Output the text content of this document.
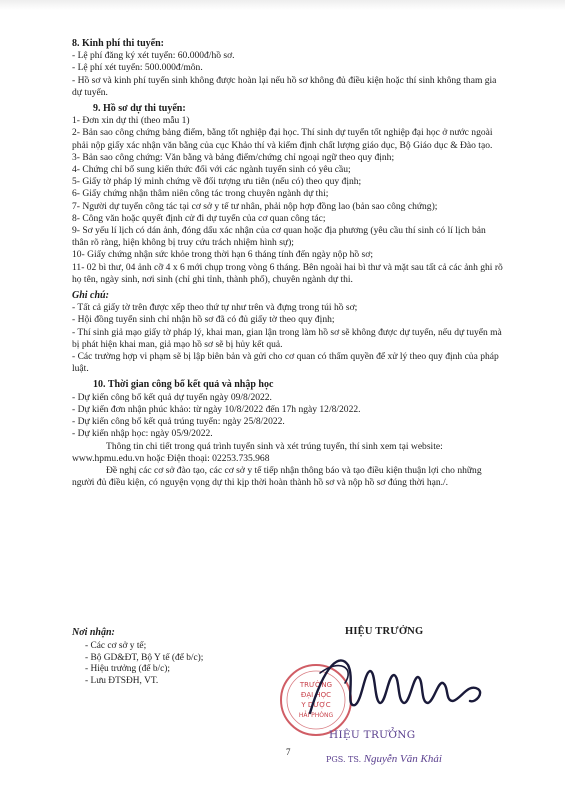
8. Kinh phí thi tuyển:

- Lệ phí đăng ký xét tuyển: 60.000đ/hồ sơ.

- Lệ phí xét tuyển: 500.000đ/môn.

- Hồ sơ và kinh phí tuyển sinh không được hoàn lại nếu hồ sơ không đủ điều kiện hoặc thí sinh không tham gia dự tuyển.

9. Hồ sơ dự thi tuyển:

1- Đơn xin dự thi (theo mẫu 1)

2- Bản sao công chứng bảng điểm, bằng tốt nghiệp đại học. Thí sinh dự tuyển tốt nghiệp đại học ở nước ngoài phải nộp giấy xác nhận văn bằng của cục Khảo thí và kiểm định chất lượng giáo dục, Bộ Giáo dục & Đào tạo.

3- Bản sao công chứng: Văn bằng và bảng điểm/chứng chỉ ngoại ngữ theo quy định;

4- Chứng chỉ bổ sung kiến thức đối với các ngành tuyển sinh có yêu cầu;

5- Giấy tờ pháp lý minh chứng về đối tượng ưu tiên (nếu có) theo quy định;

6- Giấy chứng nhận thâm niên công tác trong chuyên ngành dự thi;

7- Người dự tuyển công tác tại cơ sở y tế tư nhân, phải nộp hợp đồng lao (bản sao công chứng);

8- Công văn hoặc quyết định cử đi dự tuyển của cơ quan công tác;

9- Sơ yếu lí lịch có dán ảnh, đóng dấu xác nhận của cơ quan hoặc địa phương (yêu cầu thí sinh có lí lịch bản thân rõ ràng, hiện không bị truy cứu trách nhiệm hình sự);

10- Giấy chứng nhận sức khỏe trong thời hạn 6 tháng tính đến ngày nộp hồ sơ;

11- 02 bì thư, 04 ảnh cỡ 4 x 6 mới chụp trong vòng 6 tháng. Bên ngoài hai bì thư và mặt sau tất cả các ảnh ghi rõ họ tên, ngày sinh, nơi sinh (chỉ ghi tỉnh, thành phố), chuyên ngành dự thi.

Ghi chú:

- Tất cả giấy tờ trên được xếp theo thứ tự như trên và đựng trong túi hồ sơ;

- Hội đồng tuyển sinh chỉ nhận hồ sơ đã có đủ giấy tờ theo quy định;

- Thí sinh giả mạo giấy tờ pháp lý, khai man, gian lận trong làm hồ sơ sẽ không được dự tuyển, nếu dự tuyển mà bị phát hiện khai man, giả mạo hồ sơ sẽ bị hủy kết quả.

- Các trường hợp vi phạm sẽ bị lập biên bản và gửi cho cơ quan có thẩm quyền để xử lý theo quy định của pháp luật.

10. Thời gian công bố kết quả và nhập học

- Dự kiến công bố kết quả dự tuyển ngày 09/8/2022.

- Dự kiến đơn nhận phúc khảo: từ ngày 10/8/2022 đến 17h ngày 12/8/2022.

- Dự kiến công bố kết quả trúng tuyển: ngày 25/8/2022.

- Dự kiến nhập học: ngày 05/9/2022.

Thông tin chi tiết trong quá trình tuyển sinh và xét trúng tuyển, thí sinh xem tại website: www.hpmu.edu.vn hoặc Điện thoại: 02253.735.968

Đề nghị các cơ sở đào tạo, các cơ sở y tế tiếp nhận thông báo và tạo điều kiện thuận lợi cho những người đủ điều kiện, có nguyện vọng dự thi kịp thời hoàn thành hồ sơ và nộp hồ sơ đúng thời hạn./.

Nơi nhận:

- Các cơ sở y tế;

- Bộ GD&ĐT, Bộ Y tế (để b/c);

- Hiệu trưởng (để b/c);

- Lưu ĐTSĐH, VT.

HIỆU TRƯỞNG
TRƯỜNG
ĐẠI HỌC
Y DƯỢC
HẢI PHÒNG
HIỆU TRƯỞNG
7
PGS. TS. Nguyễn Văn Khải
